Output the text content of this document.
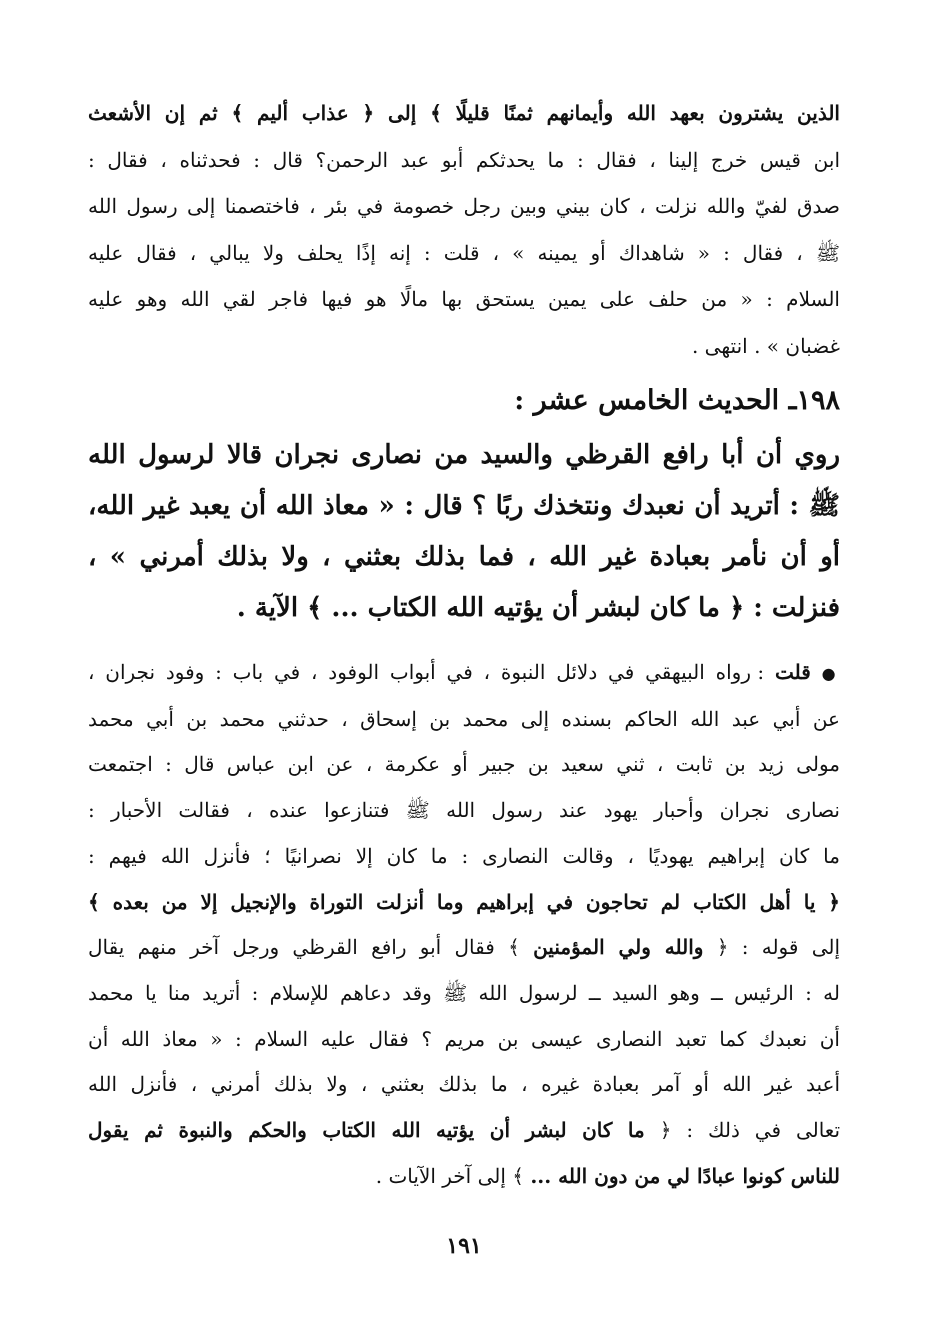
الذين يشترون بعهد الله وأيمانهم ثمنًا قليلًا ﴾ إلى ﴿ عذاب أليم ﴾ ثم إن الأشعث
ابن قيس خرج إلينا ، فقال : ما يحدثكم أبو عبد الرحمن؟ قال : فحدثناه ، فقال :
صدق لفيّ والله نزلت ، كان بيني وبين رجل خصومة في بئر ، فاختصمنا إلى رسول الله
ﷺ ، فقال : « شاهداك أو يمينه » ، قلت : إنه إذًا يحلف ولا يبالي ، فقال عليه
السلام : « من حلف على يمين يستحق بها مالًا هو فيها فاجر لقي الله وهو عليه
غضبان » . انتهى .
١٩٨ـ الحديث الخامس عشر :
روي أن أبا رافع القرظي والسيد من نصارى نجران قالا لرسول الله
ﷺ : أتريد أن نعبدك ونتخذك ربًا ؟ قال : « معاذ الله أن يعبد غير الله،
أو أن نأمر بعبادة غير الله ، فما بذلك بعثني ، ولا بذلك أمرني » ،
فنزلت : ﴿ ما كان لبشر أن يؤتيه الله الكتاب ... ﴾ الآية .
● قلت : رواه البيهقي في دلائل النبوة ، في أبواب الوفود ، في باب : وفود نجران ،
عن أبي عبد الله الحاكم بسنده إلى محمد بن إسحاق ، حدثني محمد بن أبي محمد
مولى زيد بن ثابت ، ثني سعيد بن جبير أو عكرمة ، عن ابن عباس قال : اجتمعت
نصارى نجران وأحبار يهود عند رسول الله ﷺ فتنازعوا عنده ، فقالت الأحبار :
ما كان إبراهيم يهوديًا ، وقالت النصارى : ما كان إلا نصرانيًا ؛ فأنزل الله فيهم :
﴿ يا أهل الكتاب لم تحاجون في إبراهيم وما أنزلت التوراة والإنجيل إلا من بعده ﴾
إلى قوله : ﴿ والله ولي المؤمنين ﴾ فقال أبو رافع القرظي ورجل آخر منهم يقال
له : الرئيس ــ وهو السيد ــ لرسول الله ﷺ وقد دعاهم للإسلام : أتريد منا يا محمد
أن نعبدك كما تعبد النصارى عيسى بن مريم ؟ فقال عليه السلام : « معاذ الله أن
أعبد غير الله أو آمر بعبادة غيره ، ما بذلك بعثني ، ولا بذلك أمرني ، فأنزل الله
تعالى في ذلك : ﴿ ما كان لبشر أن يؤتيه الله الكتاب والحكم والنبوة ثم يقول
للناس كونوا عبادًا لي من دون الله ... ﴾ إلى آخر الآيات .
١٩١
